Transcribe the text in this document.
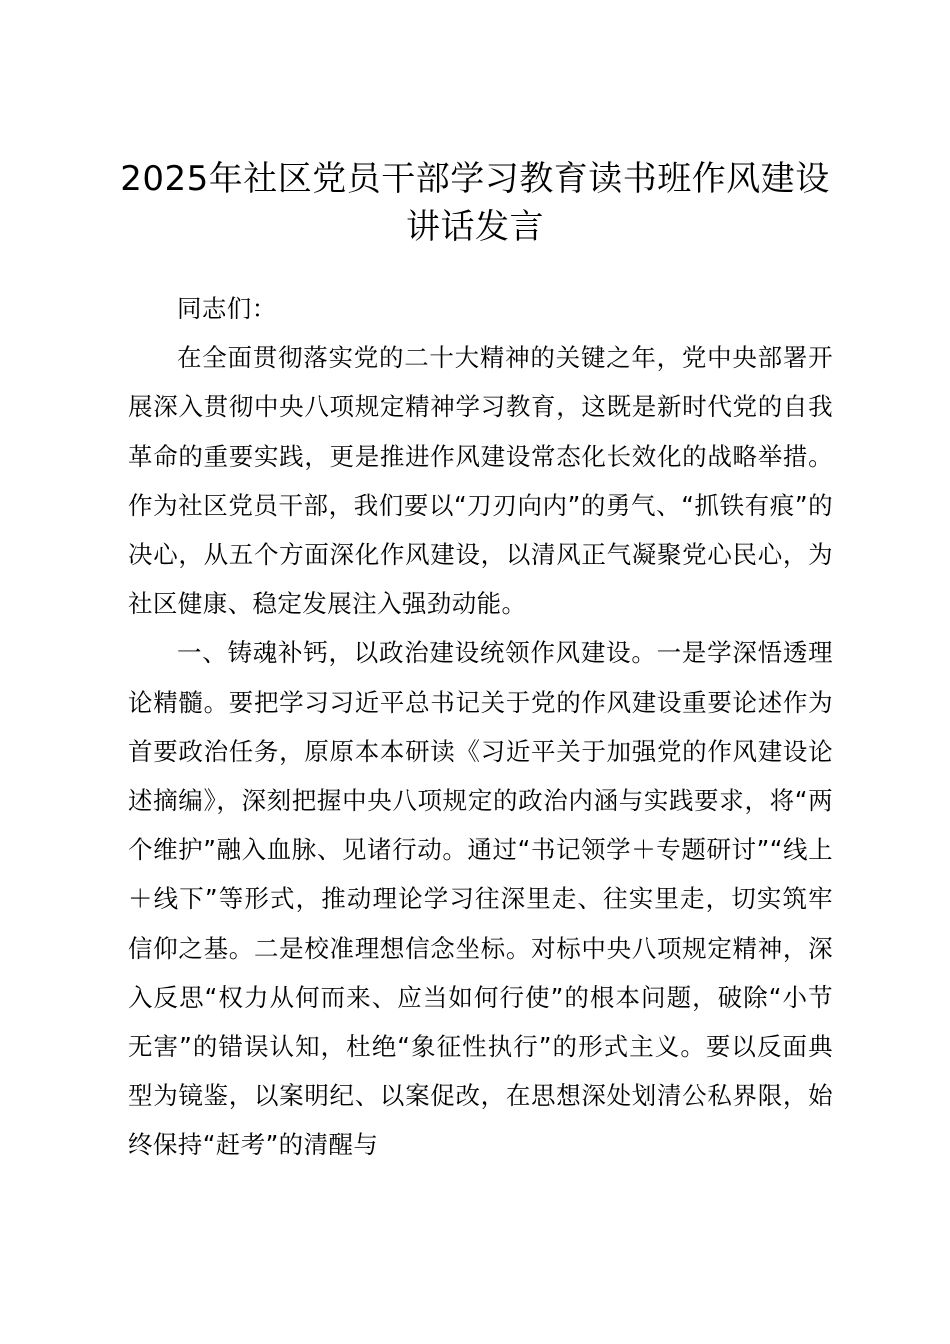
2025年社区党员干部学习教育读书班作风建设讲话发言

同志们：

在全面贯彻落实党的二十大精神的关键之年，党中央部署开展深入贯彻中央八项规定精神学习教育，这既是新时代党的自我革命的重要实践，更是推进作风建设常态化长效化的战略举措。作为社区党员干部，我们要以“刀刃向内”的勇气、“抓铁有痕”的决心，从五个方面深化作风建设，以清风正气凝聚党心民心，为社区健康、稳定发展注入强劲动能。

一、铸魂补钙，以政治建设统领作风建设。一是学深悟透理论精髓。要把学习习近平总书记关于党的作风建设重要论述作为首要政治任务，原原本本研读《习近平关于加强党的作风建设论述摘编》，深刻把握中央八项规定的政治内涵与实践要求，将“两个维护”融入血脉、见诸行动。通过“书记领学＋专题研讨”“线上＋线下”等形式，推动理论学习往深里走、往实里走，切实筑牢信仰之基。二是校准理想信念坐标。对标中央八项规定精神，深入反思“权力从何而来、应当如何行使”的根本问题，破除“小节无害”的错误认知，杜绝“象征性执行”的形式主义。要以反面典型为镜鉴，以案明纪、以案促改，在思想深处划清公私界限，始终保持“赶考”的清醒与
